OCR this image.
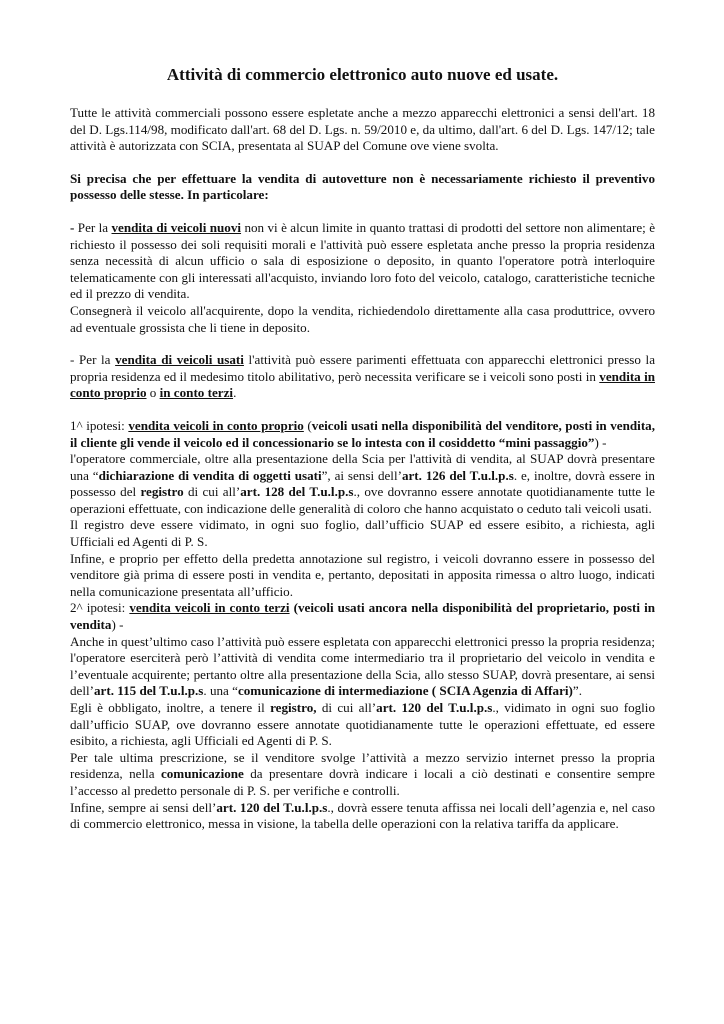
Attività di commercio elettronico auto nuove ed usate.

Tutte le attività commerciali possono essere espletate anche a mezzo apparecchi elettronici a sensi dell'art. 18 del D. Lgs.114/98, modificato dall'art. 68 del D. Lgs. n. 59/2010 e, da ultimo, dall'art. 6 del D. Lgs. 147/12; tale attività è autorizzata con SCIA, presentata al SUAP del Comune ove viene svolta.

Si precisa che per effettuare la vendita di autovetture non è necessariamente richiesto il preventivo possesso delle stesse. In particolare:

- Per la vendita di veicoli nuovi non vi è alcun limite in quanto trattasi di prodotti del settore non alimentare; è richiesto il possesso dei soli requisiti morali e l'attività può essere espletata anche presso la propria residenza senza necessità di alcun ufficio o sala di esposizione o deposito, in quanto l'operatore potrà interloquire telematicamente con gli interessati all'acquisto, inviando loro foto del veicolo, catalogo, caratteristiche tecniche ed il prezzo di vendita.

Consegnerà il veicolo all'acquirente, dopo la vendita, richiedendolo direttamente alla casa produttrice, ovvero ad eventuale grossista che li tiene in deposito.

- Per la vendita di veicoli usati l'attività può essere parimenti effettuata con apparecchi elettronici presso la propria residenza ed il medesimo titolo abilitativo, però necessita verificare se i veicoli sono posti in vendita in conto proprio o in conto terzi.

1^ ipotesi: vendita veicoli in conto proprio (veicoli usati nella disponibilità del venditore, posti in vendita, il cliente gli vende il veicolo ed il concessionario se lo intesta con il cosiddetto “mini passaggio”) -

l'operatore commerciale, oltre alla presentazione della Scia per l'attività di vendita, al SUAP dovrà presentare una “dichiarazione di vendita di oggetti usati”, ai sensi dell’art. 126 del T.u.l.p.s. e, inoltre, dovrà essere in possesso del registro di cui all’art. 128 del T.u.l.p.s., ove dovranno essere annotate quotidianamente tutte le operazioni effettuate, con indicazione delle generalità di coloro che hanno acquistato o ceduto tali veicoli usati.

Il registro deve essere vidimato, in ogni suo foglio, dall’ufficio SUAP ed essere esibito, a richiesta, agli Ufficiali ed Agenti di P. S.

Infine, e proprio per effetto della predetta annotazione sul registro, i veicoli dovranno essere in possesso del venditore già prima di essere posti in vendita e, pertanto, depositati in apposita rimessa o altro luogo, indicati nella comunicazione presentata all’ufficio.

2^ ipotesi: vendita veicoli in conto terzi (veicoli usati ancora nella disponibilità del proprietario, posti in vendita) -

Anche in quest’ultimo caso l’attività può essere espletata con apparecchi elettronici presso la propria residenza; l'operatore eserciterà però l’attività di vendita come intermediario tra il proprietario del veicolo in vendita e l’eventuale acquirente; pertanto oltre alla presentazione della Scia, allo stesso SUAP, dovrà presentare, ai sensi dell’art. 115 del T.u.l.p.s. una “comunicazione di intermediazione ( SCIA Agenzia di Affari)”.

Egli è obbligato, inoltre, a tenere il registro, di cui all’art. 120 del T.u.l.p.s., vidimato in ogni suo foglio dall’ufficio SUAP, ove dovranno essere annotate quotidianamente tutte le operazioni effettuate, ed essere esibito, a richiesta, agli Ufficiali ed Agenti di P. S.

Per tale ultima prescrizione, se il venditore svolge l’attività a mezzo servizio internet presso la propria residenza, nella comunicazione da presentare dovrà indicare i locali a ciò destinati e consentire sempre l’accesso al predetto personale di P. S. per verifiche e controlli.

Infine, sempre ai sensi dell’art. 120 del T.u.l.p.s., dovrà essere tenuta affissa nei locali dell’agenzia e, nel caso di commercio elettronico, messa in visione, la tabella delle operazioni con la relativa tariffa da applicare.
